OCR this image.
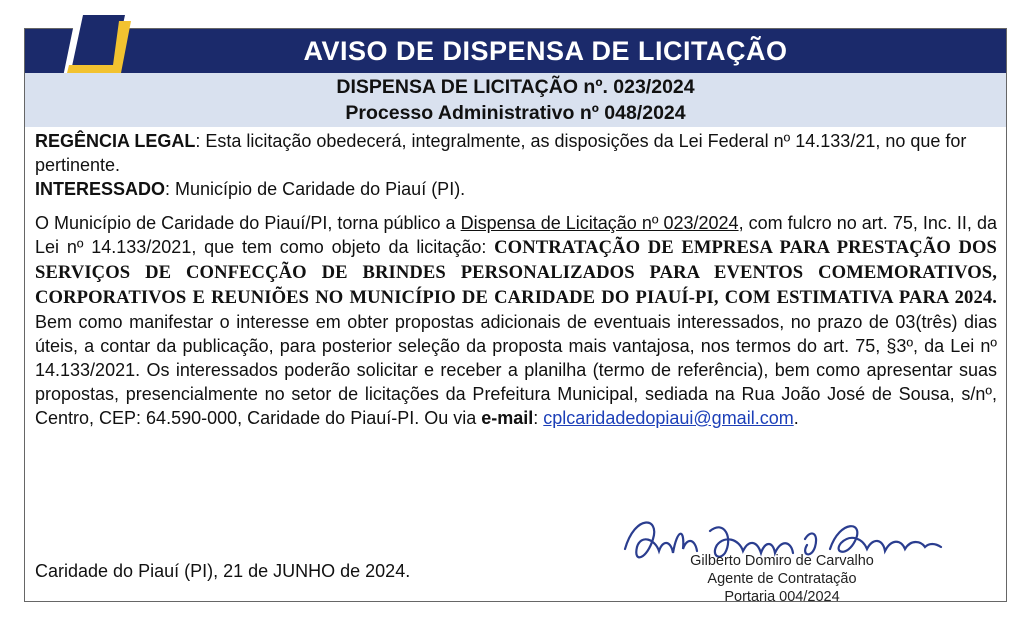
AVISO DE DISPENSA DE LICITAÇÃO
DISPENSA DE LICITAÇÃO nº. 023/2024
Processo Administrativo nº 048/2024

REGÊNCIA LEGAL: Esta licitação obedecerá, integralmente, as disposições da Lei Federal nº 14.133/21, no que for pertinente.

INTERESSADO: Município de Caridade do Piauí (PI).

O Município de Caridade do Piauí/PI, torna público a Dispensa de Licitação nº 023/2024, com fulcro no art. 75, Inc. II, da Lei nº 14.133/2021, que tem como objeto da licitação: CONTRATAÇÃO DE EMPRESA PARA PRESTAÇÃO DOS SERVIÇOS DE CONFECÇÃO DE BRINDES PERSONALIZADOS PARA EVENTOS COMEMORATIVOS, CORPORATIVOS E REUNIÕES NO MUNICÍPIO DE CARIDADE DO PIAUÍ-PI, COM ESTIMATIVA PARA 2024. Bem como manifestar o interesse em obter propostas adicionais de eventuais interessados, no prazo de 03(três) dias úteis, a contar da publicação, para posterior seleção da proposta mais vantajosa, nos termos do art. 75, §3º, da Lei nº 14.133/2021. Os interessados poderão solicitar e receber a planilha (termo de referência), bem como apresentar suas propostas, presencialmente no setor de licitações da Prefeitura Municipal, sediada na Rua João José de Sousa, s/nº, Centro, CEP: 64.590-000, Caridade do Piauí-PI. Ou via e-mail: cplcaridadedopiaui@gmail.com.

Caridade do Piauí (PI), 21 de JUNHO de 2024.	Gilberto Domiro de Carvalho
Agente de Contratação
Portaria 004/2024
